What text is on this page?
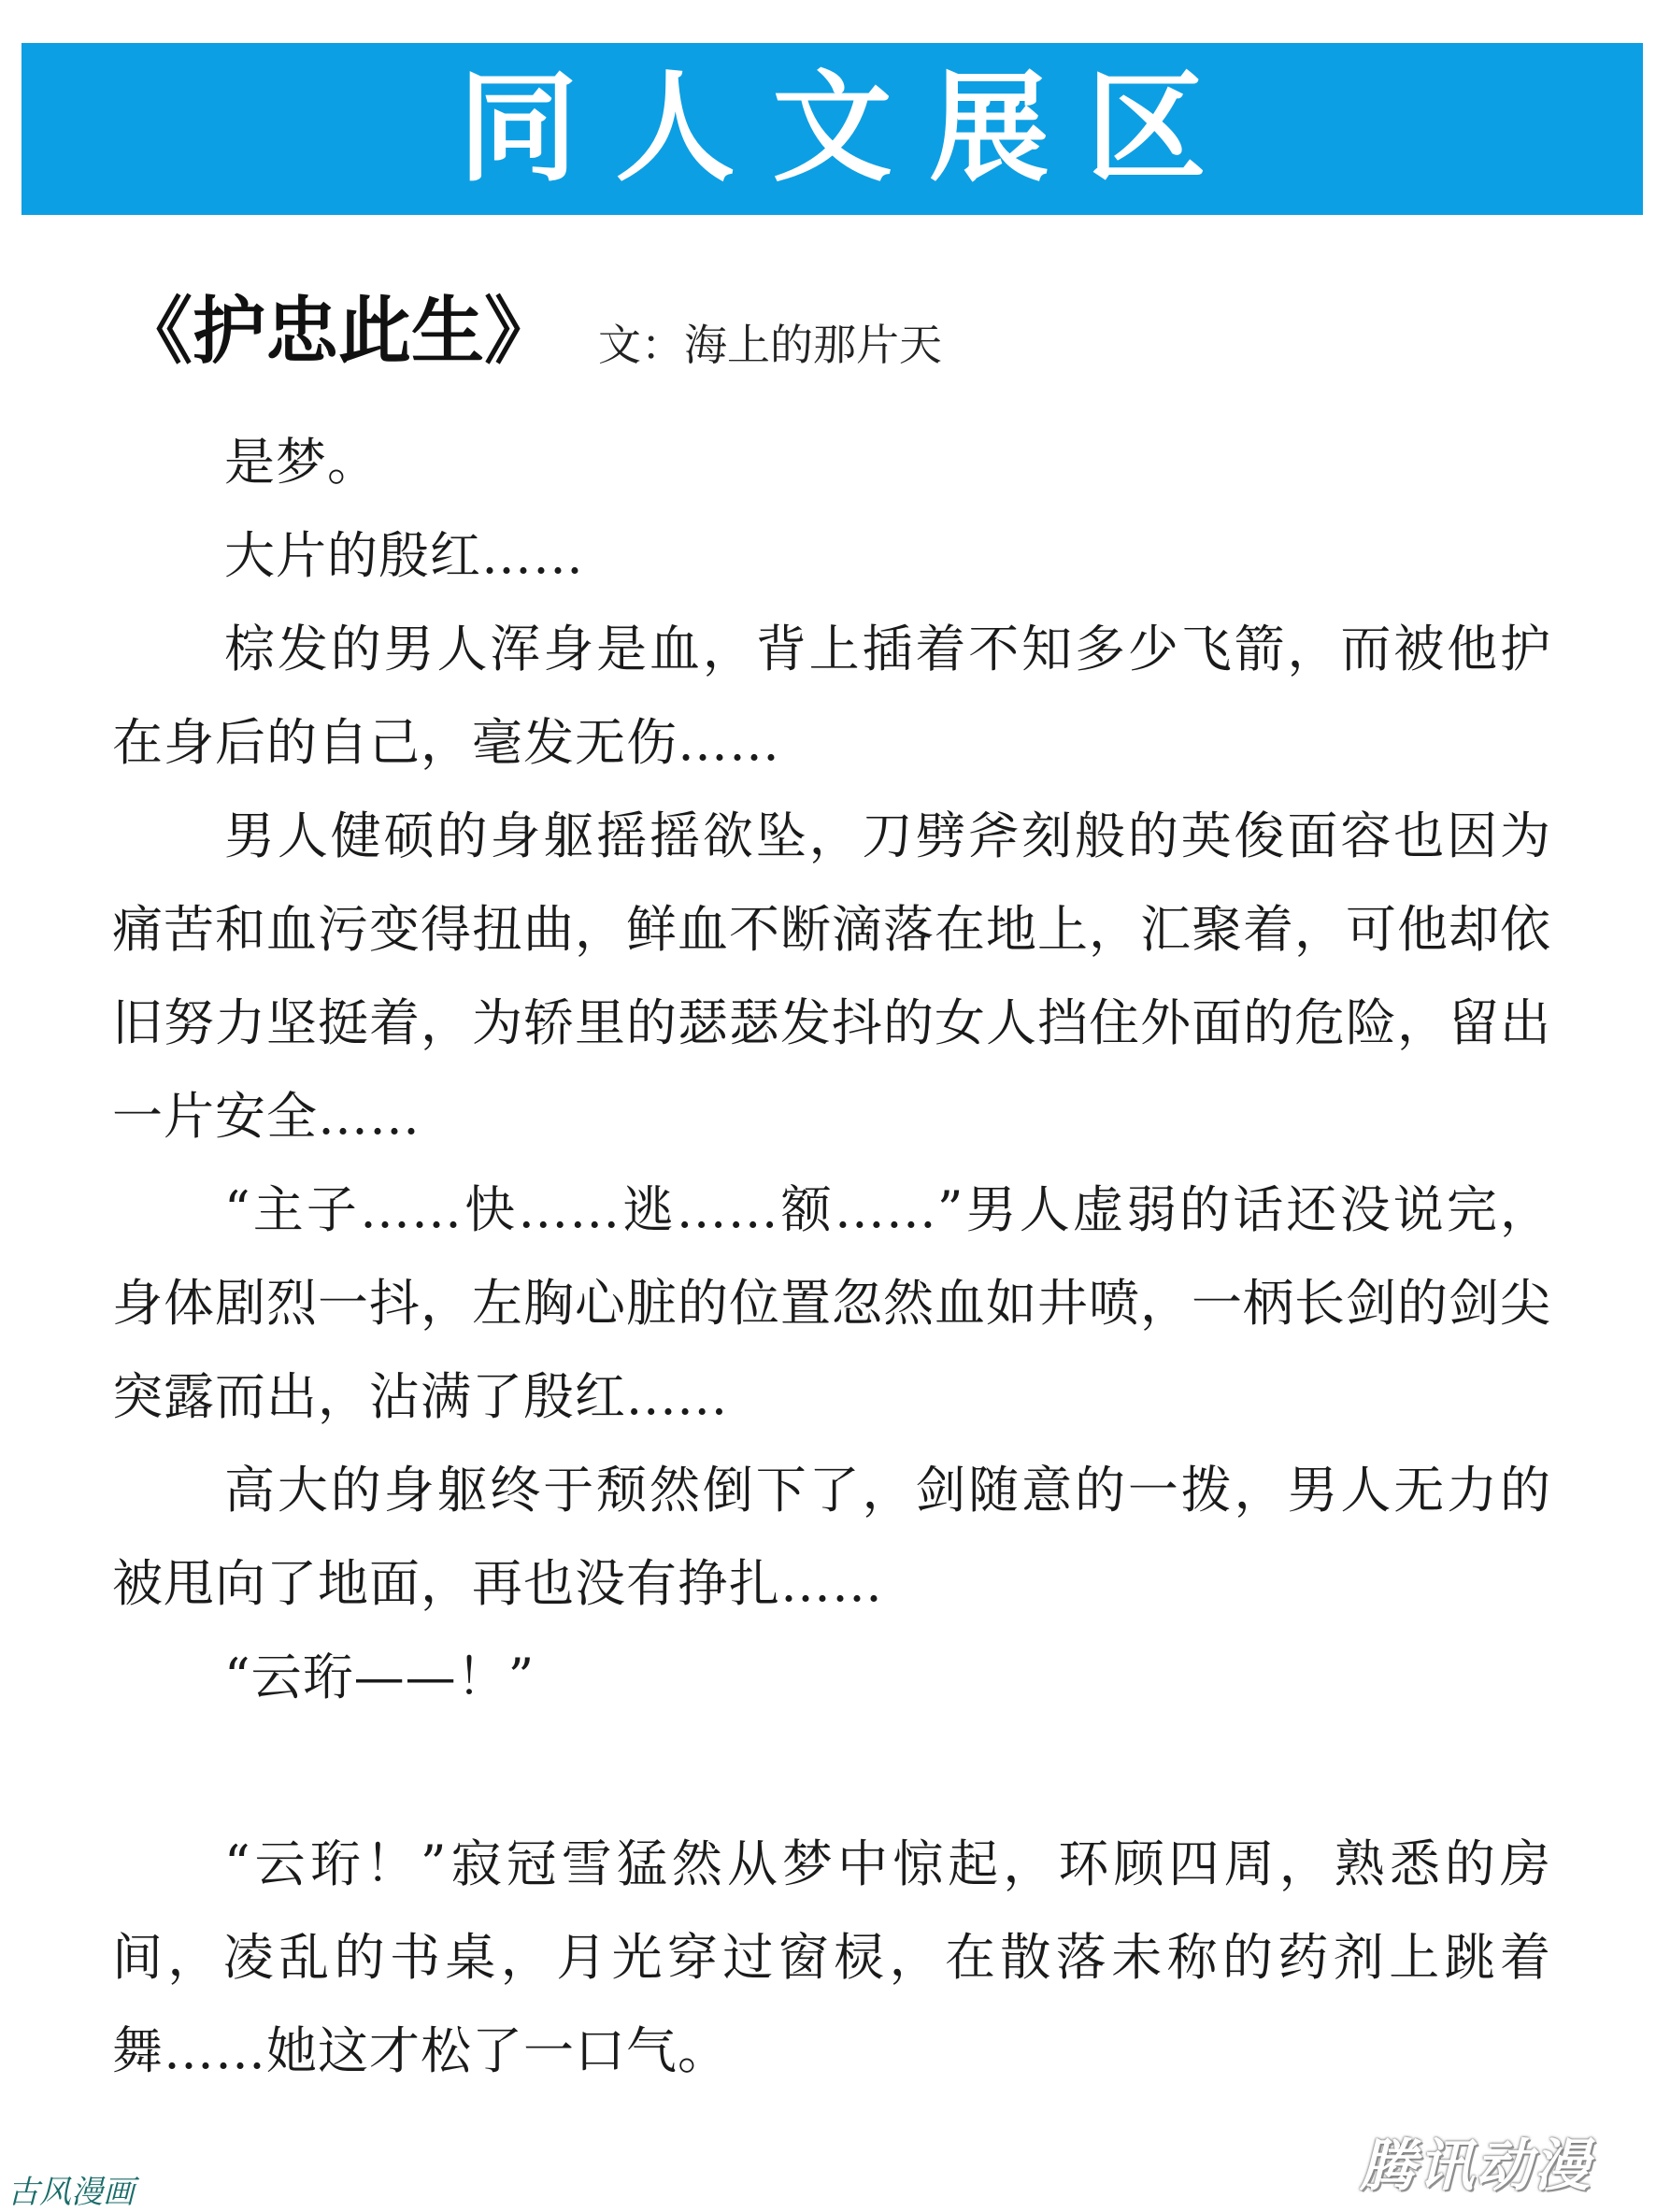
同人文展区
《护忠此生》 文：海上的那片天

是梦。

大片的殷红……

棕发的男人浑身是血，背上插着不知多少飞箭，而被他护在身后的自己，毫发无伤……

男人健硕的身躯摇摇欲坠，刀劈斧刻般的英俊面容也因为痛苦和血污变得扭曲，鲜血不断滴落在地上，汇聚着，可他却依旧努力坚挺着，为轿里的瑟瑟发抖的女人挡住外面的危险，留出一片安全……

“主子……快……逃……额……”男人虚弱的话还没说完，身体剧烈一抖，左胸心脏的位置忽然血如井喷，一柄长剑的剑尖突露而出，沾满了殷红......

高大的身躯终于颓然倒下了，剑随意的一拨，男人无力的被甩向了地面，再也没有挣扎……

“云珩——！”

“云珩！”寂冠雪猛然从梦中惊起，环顾四周，熟悉的房间，凌乱的书桌，月光穿过窗棂，在散落未称的药剂上跳着舞……她这才松了一口气。

古风漫画	腾讯动漫
